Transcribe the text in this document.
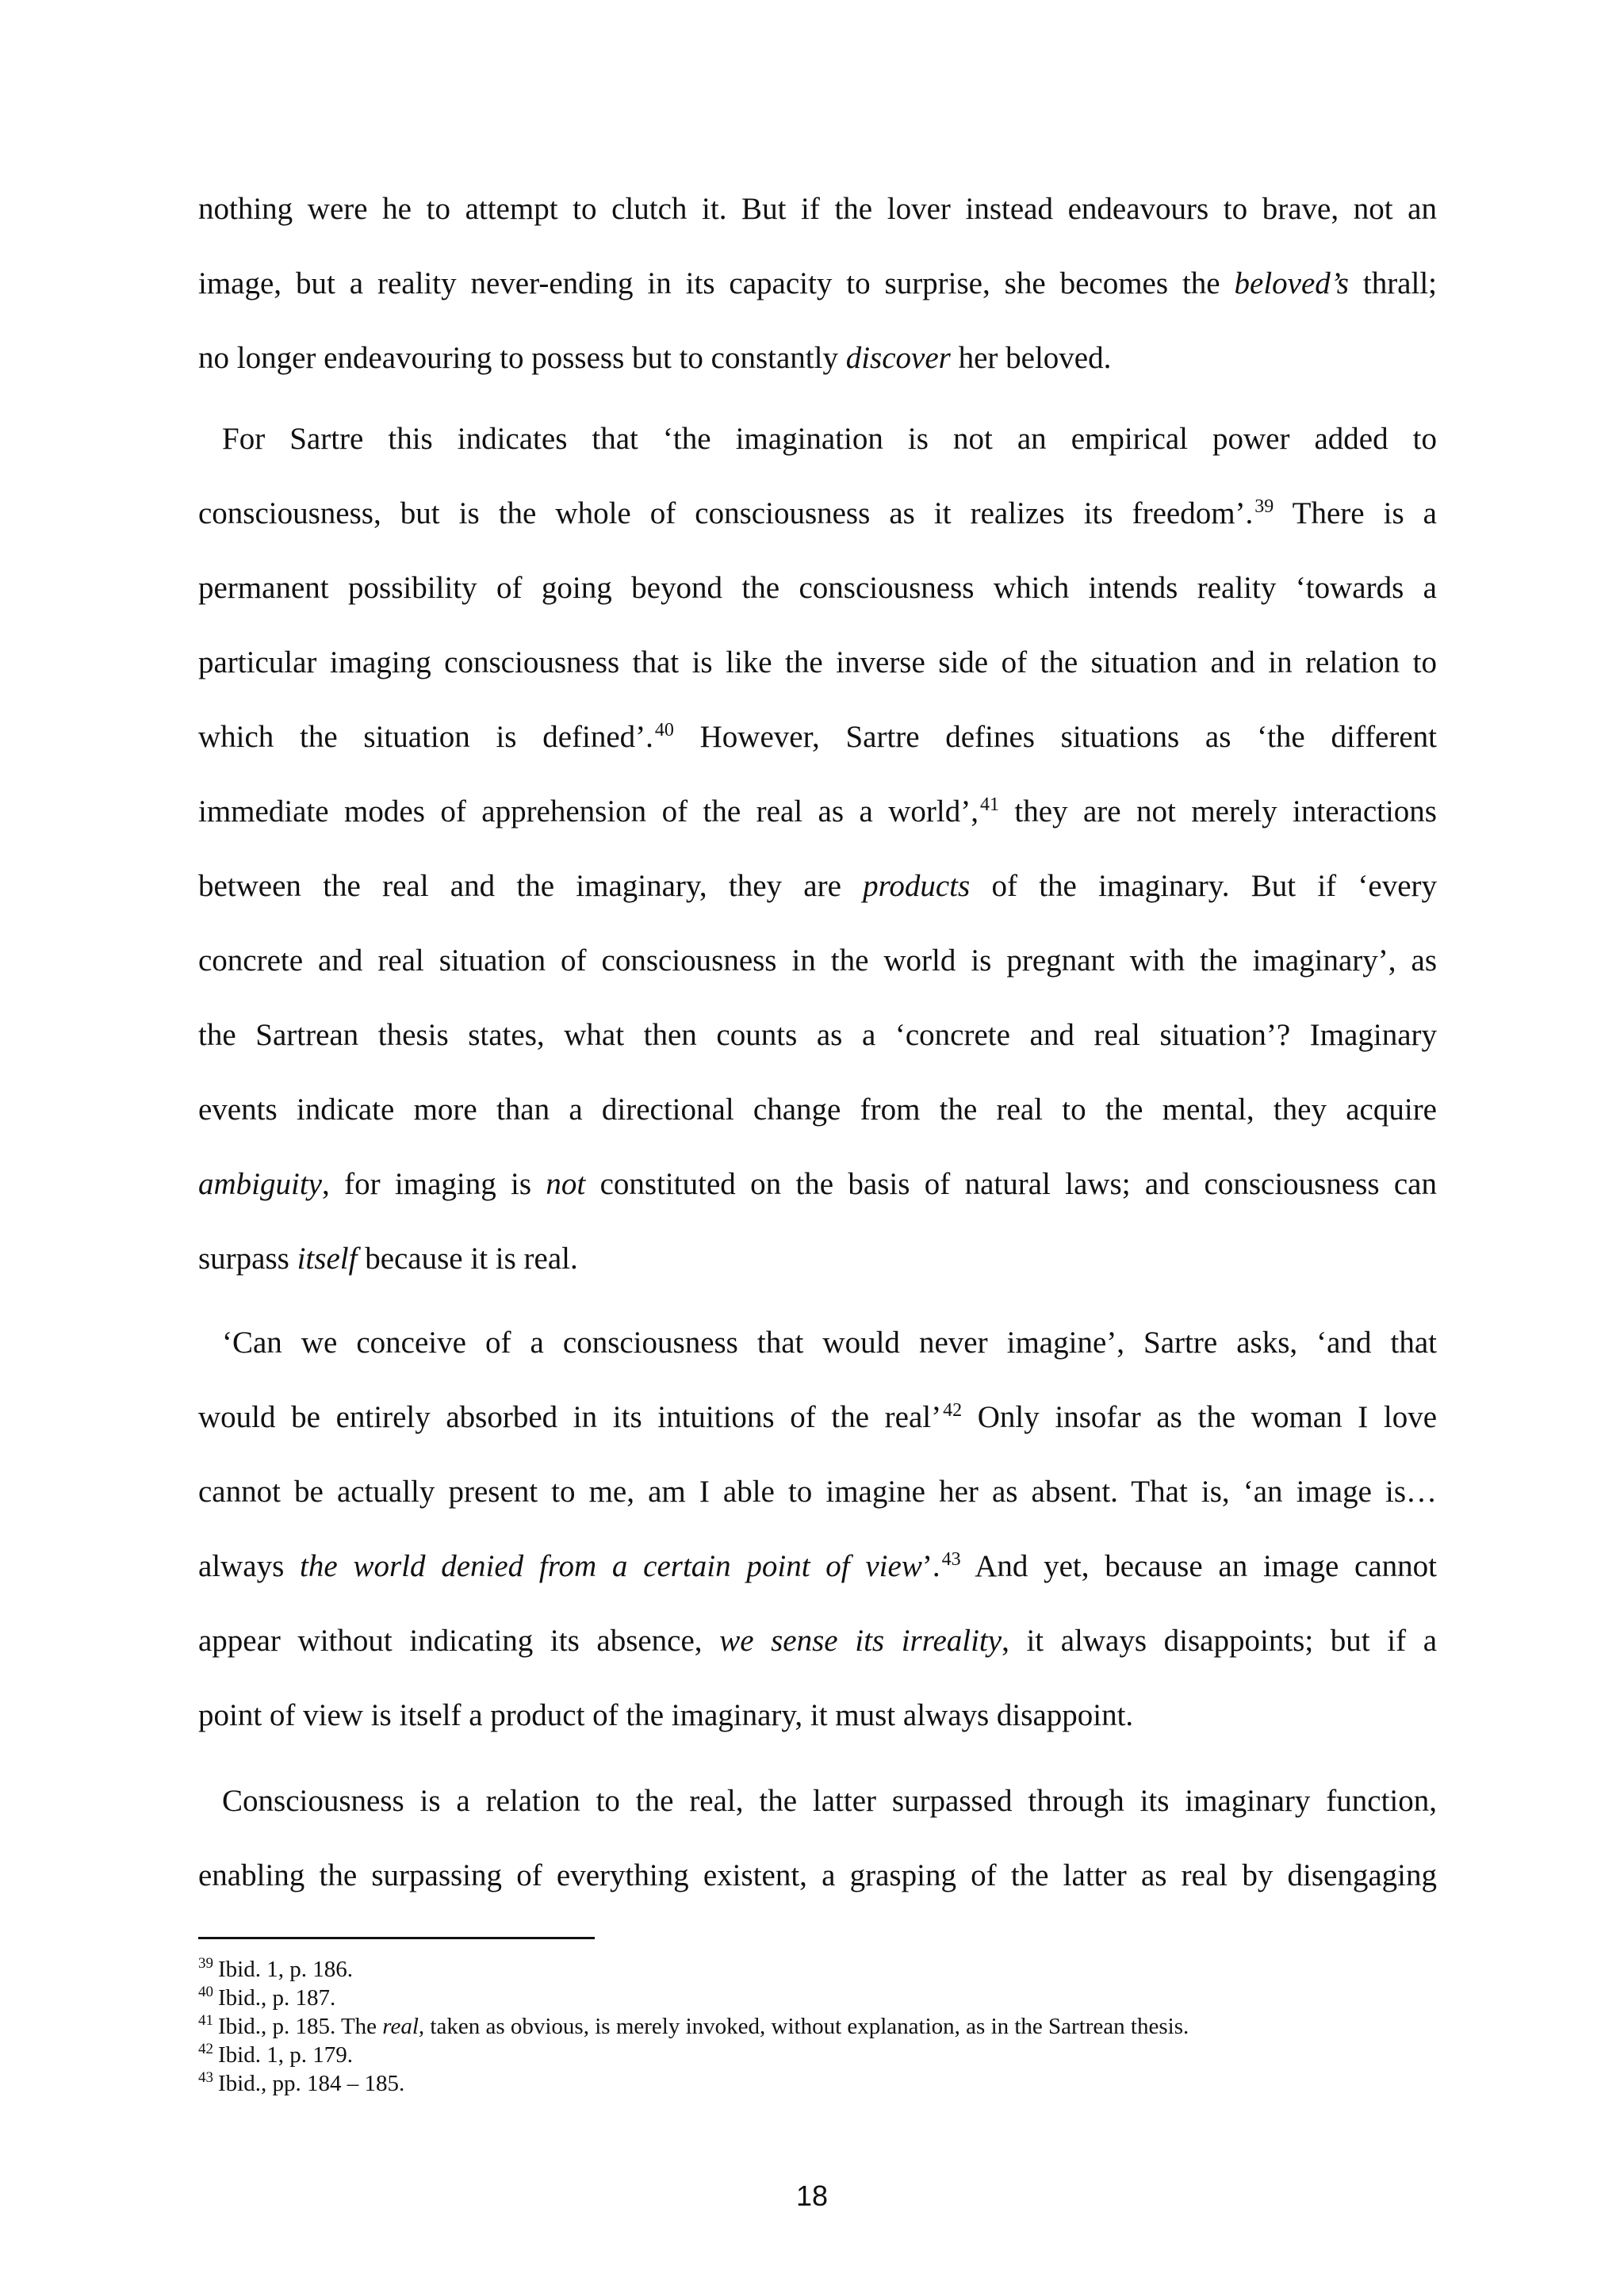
nothing were he to attempt to clutch it. But if the lover instead endeavours to brave, not an
image, but a reality never-ending in its capacity to surprise, she becomes the beloved’s thrall;
no longer endeavouring to possess but to constantly discover her beloved.
For Sartre this indicates that ‘the imagination is not an empirical power added to
consciousness, but is the whole of consciousness as it realizes its freedom’.$^{39}$ There is a
permanent possibility of going beyond the consciousness which intends reality ‘towards a
particular imaging consciousness that is like the inverse side of the situation and in relation to
which the situation is defined’.$^{40}$ However, Sartre defines situations as ‘the different
immediate modes of apprehension of the real as a world’,$^{41}$ they are not merely interactions
between the real and the imaginary, they are products of the imaginary. But if ‘every
concrete and real situation of consciousness in the world is pregnant with the imaginary’, as
the Sartrean thesis states, what then counts as a ‘concrete and real situation’? Imaginary
events indicate more than a directional change from the real to the mental, they acquire
ambiguity, for imaging is not constituted on the basis of natural laws; and consciousness can
surpass itself because it is real.
‘Can we conceive of a consciousness that would never imagine’, Sartre asks, ‘and that
would be entirely absorbed in its intuitions of the real’$^{42}$ Only insofar as the woman I love
cannot be actually present to me, am I able to imagine her as absent. That is, ‘an image is…
always the world denied from a certain point of view’.$^{43}$ And yet, because an image cannot
appear without indicating its absence, we sense its irreality, it always disappoints; but if a
point of view is itself a product of the imaginary, it must always disappoint.
Consciousness is a relation to the real, the latter surpassed through its imaginary function,
enabling the surpassing of everything existent, a grasping of the latter as real by disengaging
$^{39}$ Ibid. 1, p. 186.
$^{40}$ Ibid., p. 187.
$^{41}$ Ibid., p. 185. The real, taken as obvious, is merely invoked, without explanation, as in the Sartrean thesis.
$^{42}$ Ibid. 1, p. 179.
$^{43}$ Ibid., pp. 184 – 185.
18
